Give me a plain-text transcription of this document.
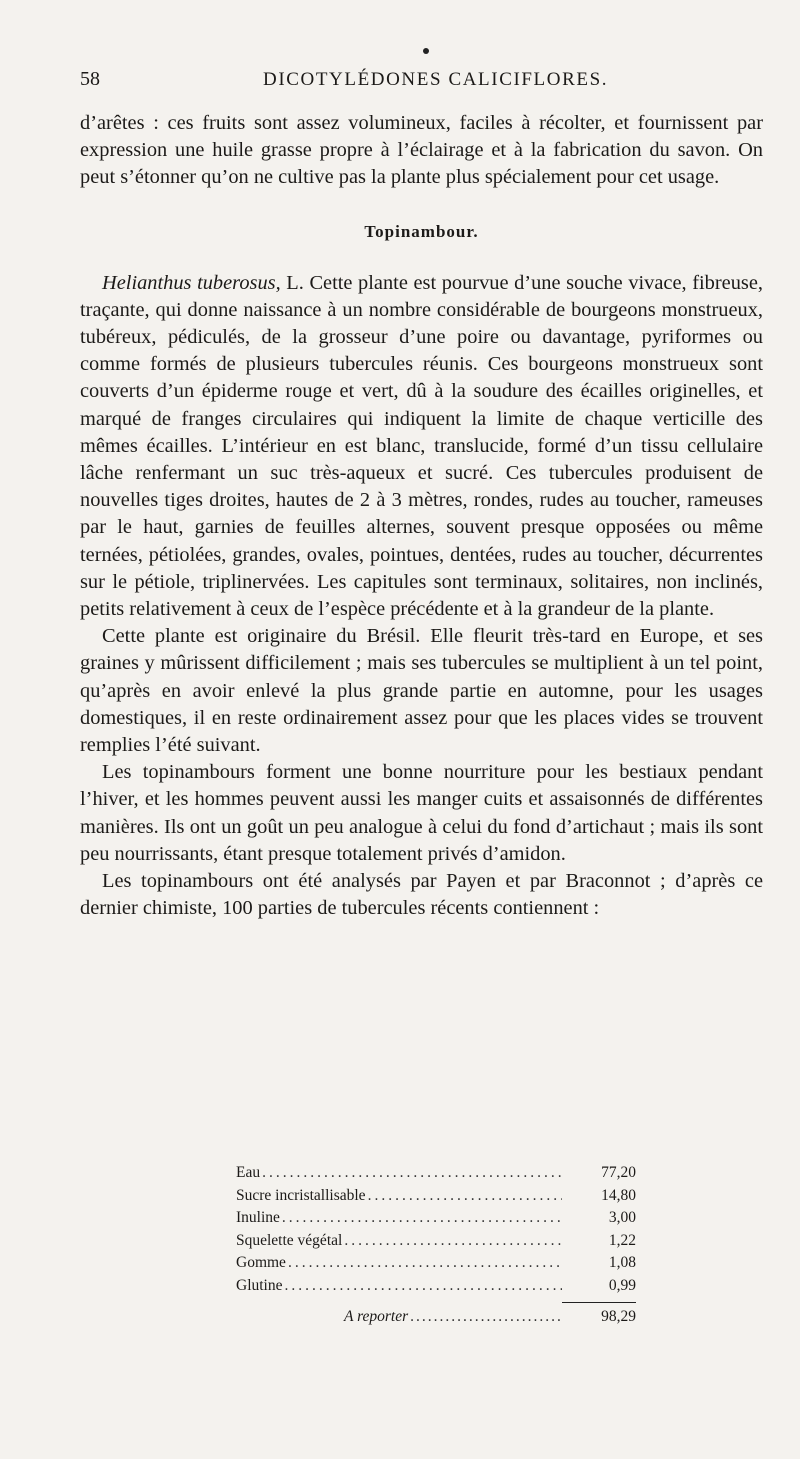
58	DICOTYLÉDONES CALICIFLORES.

d’arêtes : ces fruits sont assez volumineux, faciles à récolter, et fournissent par expression une huile grasse propre à l’éclairage et à la fabrication du savon. On peut s’étonner qu’on ne cultive pas la plante plus spécialement pour cet usage.

Topinambour.

Helianthus tuberosus, L. Cette plante est pourvue d’une souche vivace, fibreuse, traçante, qui donne naissance à un nombre considérable de bourgeons monstrueux, tubéreux, pédiculés, de la grosseur d’une poire ou davantage, pyriformes ou comme formés de plusieurs tubercules réunis. Ces bourgeons monstrueux sont couverts d’un épiderme rouge et vert, dû à la soudure des écailles originelles, et marqué de franges circulaires qui indiquent la limite de chaque verticille des mêmes écailles. L’intérieur en est blanc, translucide, formé d’un tissu cellulaire lâche renfermant un suc très-aqueux et sucré. Ces tubercules produisent de nouvelles tiges droites, hautes de 2 à 3 mètres, rondes, rudes au toucher, rameuses par le haut, garnies de feuilles alternes, souvent presque opposées ou même ternées, pétiolées, grandes, ovales, pointues, dentées, rudes au toucher, décurrentes sur le pétiole, triplinervées. Les capitules sont terminaux, solitaires, non inclinés, petits relativement à ceux de l’espèce précédente et à la grandeur de la plante.

Cette plante est originaire du Brésil. Elle fleurit très-tard en Europe, et ses graines y mûrissent difficilement ; mais ses tubercules se multiplient à un tel point, qu’après en avoir enlevé la plus grande partie en automne, pour les usages domestiques, il en reste ordinairement assez pour que les places vides se trouvent remplies l’été suivant.

Les topinambours forment une bonne nourriture pour les bestiaux pendant l’hiver, et les hommes peuvent aussi les manger cuits et assaisonnés de différentes manières. Ils ont un goût un peu analogue à celui du fond d’artichaut ; mais ils sont peu nourrissants, étant presque totalement privés d’amidon.

Les topinambours ont été analysés par Payen et par Braconnot ; d’après ce dernier chimiste, 100 parties de tubercules récents contiennent :

Eau .....	77,20
Sucre incristallisable .....	14,80
Inuline .....	3,00
Squelette végétal .....	1,22
Gomme .....	1,08
Glutine .....	0,99
A reporter .....	98,29
